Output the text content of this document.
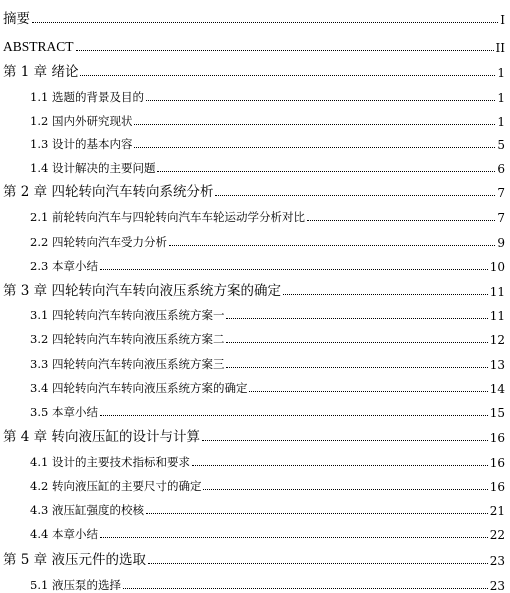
摘要	I
ABSTRACT	II
第 1 章 绪论	1
1.1 选题的背景及目的	1
1.2 国内外研究现状	1
1.3 设计的基本内容	5
1.4 设计解决的主要问题	6
第 2 章 四轮转向汽车转向系统分析	7
2.1 前轮转向汽车与四轮转向汽车车轮运动学分析对比	7
2.2 四轮转向汽车受力分析	9
2.3 本章小结	10
第 3 章 四轮转向汽车转向液压系统方案的确定	11
3.1 四轮转向汽车转向液压系统方案一	11
3.2 四轮转向汽车转向液压系统方案二	12
3.3 四轮转向汽车转向液压系统方案三	13
3.4 四轮转向汽车转向液压系统方案的确定	14
3.5 本章小结	15
第 4 章 转向液压缸的设计与计算	16
4.1 设计的主要技术指标和要求	16
4.2 转向液压缸的主要尺寸的确定	16
4.3 液压缸强度的校核	21
4.4 本章小结	22
第 5 章 液压元件的选取	23
5.1 液压泵的选择	23
